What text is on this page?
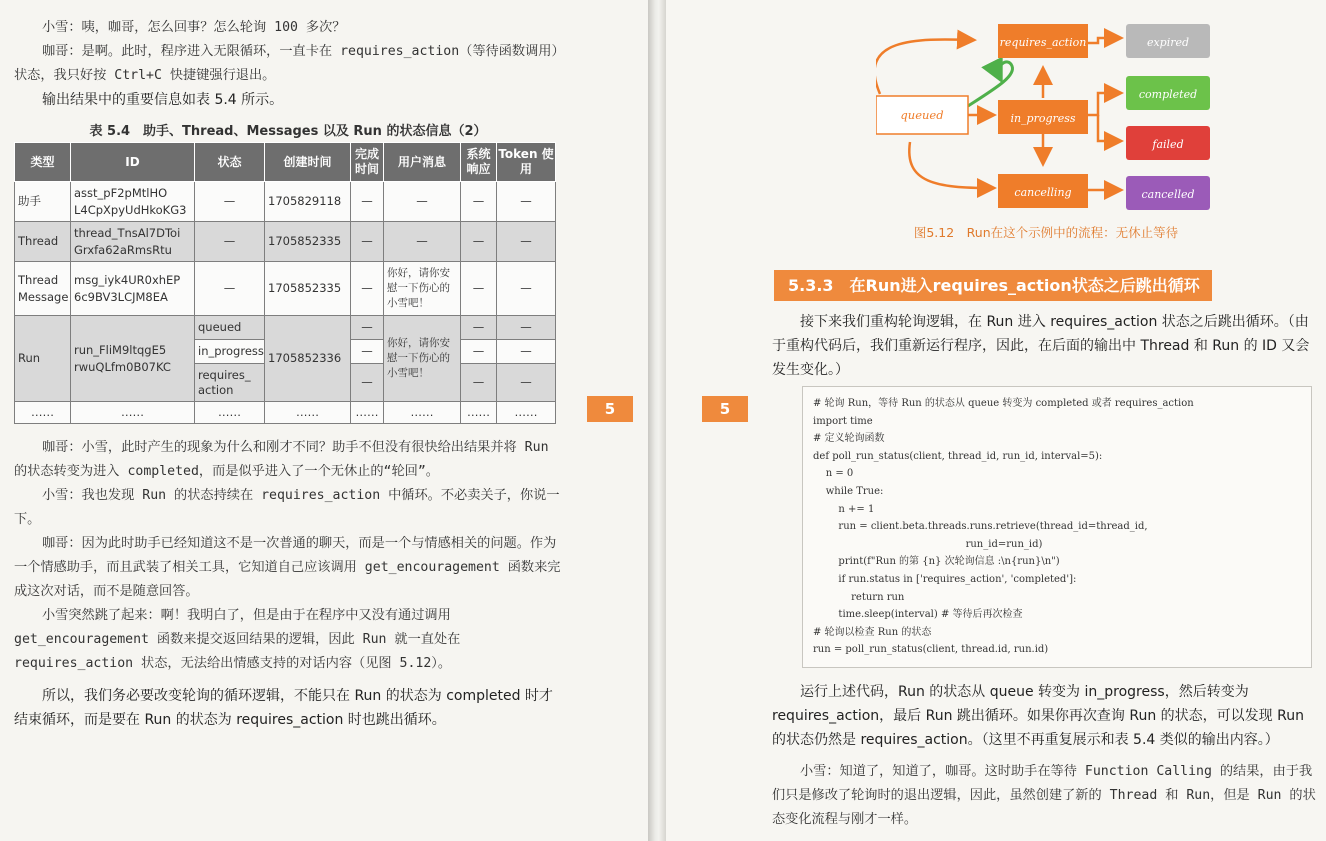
小雪：咦，咖哥，怎么回事？怎么轮询 100 多次？

咖哥：是啊。此时，程序进入无限循环，一直卡在 requires_action（等待函数调用）状态，我只好按 Ctrl+C 快捷键强行退出。

输出结果中的重要信息如表 5.4 所示。

表 5.4　助手、Thread、Messages 以及 Run 的状态信息（2）
类型	ID	状态	创建时间	完成时间	用户消息	系统响应	Token 使用
助手	asst_pF2pMtlHO L4CpXpyUdHkoKG3	—	1705829118	—	—	—	—
Thread	thread_TnsAl7DToi Grxfa62aRmsRtu	—	1705852335	—	—	—	—
Thread Message	msg_iyk4UR0xhEP 6c9BV3LCJM8EA	—	1705852335	—	你好，请你安慰一下伤心的小雪吧！	—	—
Run	run_FliM9ltqgE5 rwuQLfm0B07KC	queued	1705852336	—	你好，请你安慰一下伤心的小雪吧！	—	—
		in_progress		—		—	—
		requires_ action		—		—	—
……	……	……	……	……	……	……	……

咖哥：小雪，此时产生的现象为什么和刚才不同？助手不但没有很快给出结果并将 Run 的状态转变为进入 completed，而是似乎进入了一个无休止的“轮回”。

小雪：我也发现 Run 的状态持续在 requires_action 中循环。不必卖关子，你说一下。

咖哥：因为此时助手已经知道这不是一次普通的聊天，而是一个与情感相关的问题。作为一个情感助手，而且武装了相关工具，它知道自己应该调用 get_encouragement 函数来完成这次对话，而不是随意回答。

小雪突然跳了起来：啊！我明白了，但是由于在程序中又没有通过调用 get_encouragement 函数来提交返回结果的逻辑，因此 Run 就一直处在 requires_action 状态，无法给出情感支持的对话内容（见图 5.12）。

所以，我们务必要改变轮询的循环逻辑，不能只在 Run 的状态为 completed 时才结束循环，而是要在 Run 的状态为 requires_action 时也跳出循环。

5	5
queued
requires_action
in_progress
cancelling
expired
completed
failed
cancelled
图5.12　Run在这个示例中的流程：无休止等待
5.3.3　在Run进入requires_action状态之后跳出循环

接下来我们重构轮询逻辑，在 Run 进入 requires_action 状态之后跳出循环。（由于重构代码后，我们重新运行程序，因此，在后面的输出中 Thread 和 Run 的 ID 又会发生变化。）

# 轮询 Run，等待 Run 的状态从 queue 转变为 completed 或者 requires_action
import time
# 定义轮询函数
def poll_run_status(client, thread_id, run_id, interval=5):
n = 0
while True:
n += 1
run = client.beta.threads.runs.retrieve(thread_id=thread_id,
run_id=run_id)
print(f"Run 的第 {n} 次轮询信息 :\n{run}\n")
if run.status in ['requires_action', 'completed']:
return run
time.sleep(interval) # 等待后再次检查
# 轮询以检查 Run 的状态
run = poll_run_status(client, thread.id, run.id)

运行上述代码，Run 的状态从 queue 转变为 in_progress，然后转变为 requires_action，最后 Run 跳出循环。如果你再次查询 Run 的状态，可以发现 Run 的状态仍然是 requires_action。（这里不再重复展示和表 5.4 类似的输出内容。）

小雪：知道了，知道了，咖哥。这时助手在等待 Function Calling 的结果，由于我们只是修改了轮询时的退出逻辑，因此，虽然创建了新的 Thread 和 Run，但是 Run 的状态变化流程与刚才一样。
